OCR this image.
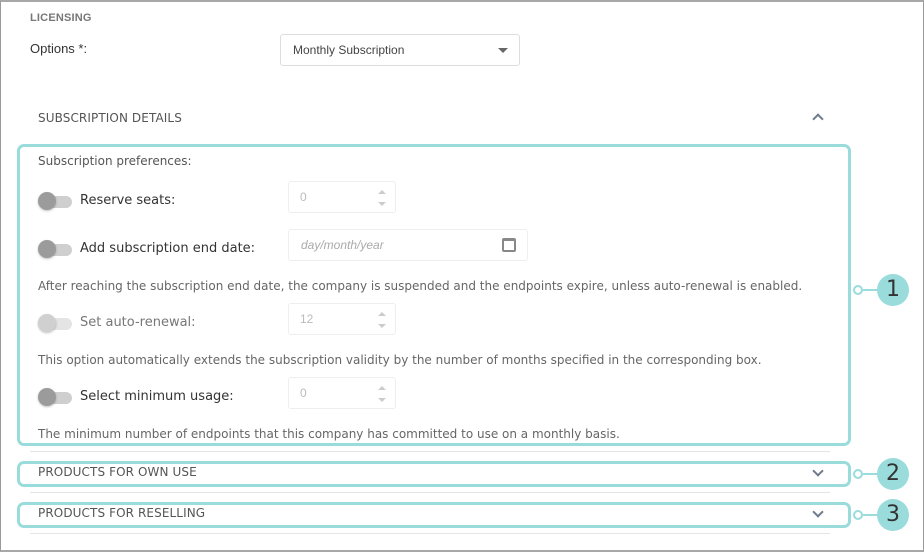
LICENSING
Options *:	Monthly Subscription
SUBSCRIPTION DETAILS
Subscription preferences:
Reserve seats:	0
Add subscription end date:	day/month/year
After reaching the subscription end date, the company is suspended and the endpoints expire, unless auto-renewal is enabled.
Set auto-renewal:	12
This option automatically extends the subscription validity by the number of months specified in the corresponding box.
Select minimum usage:	0
The minimum number of endpoints that this company has committed to use on a monthly basis.
PRODUCTS FOR OWN USE
PRODUCTS FOR RESELLING
1
2
3
